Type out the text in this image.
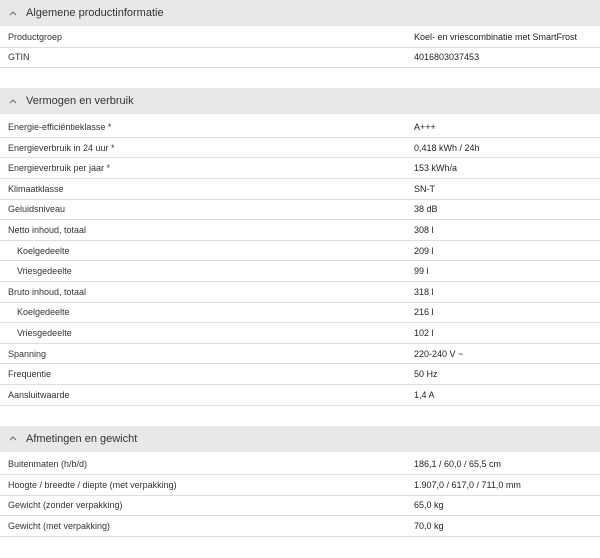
Algemene productinformatie
Productgroep	Koel- en vriescombinatie met SmartFrost
GTIN	4016803037453
Vermogen en verbruik
Energie-efficiëntieklasse *	A+++
Energieverbruik in 24 uur *	0,418 kWh / 24h
Energieverbruik per jaar *	153 kWh/a
Klimaatklasse	SN-T
Geluidsniveau	38 dB
Netto inhoud, totaal	308 l
Koelgedeelte	209 l
Vriesgedeelte	99 l
Bruto inhoud, totaal	318 l
Koelgedeelte	216 l
Vriesgedeelte	102 l
Spanning	220-240 V ~
Frequentie	50 Hz
Aansluitwaarde	1,4 A
Afmetingen en gewicht
Buitenmaten (h/b/d)	186,1 / 60,0 / 65,5 cm
Hoogte / breedte / diepte (met verpakking)	1.907,0 / 617,0 / 711,0 mm
Gewicht (zonder verpakking)	65,0 kg
Gewicht (met verpakking)	70,0 kg
